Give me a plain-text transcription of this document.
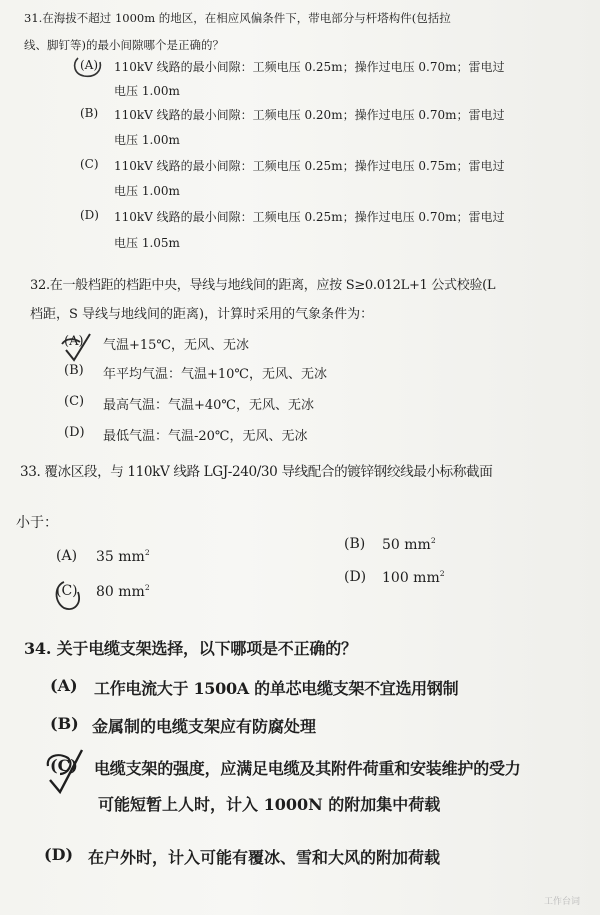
31.在海拔不超过 1000m 的地区，在相应风偏条件下，带电部分与杆塔构件(包括拉
线、脚钉等)的最小间隙哪个是正确的？
(A) 110kV 线路的最小间隙：工频电压 0.25m；操作过电压 0.70m；雷电过
电压 1.00m
(B) 110kV 线路的最小间隙：工频电压 0.20m；操作过电压 0.70m；雷电过
电压 1.00m
(C) 110kV 线路的最小间隙：工频电压 0.25m；操作过电压 0.75m；雷电过
电压 1.00m
(D) 110kV 线路的最小间隙：工频电压 0.25m；操作过电压 0.70m；雷电过
电压 1.05m
32.在一般档距的档距中央，导线与地线间的距离，应按 S≥0.012L+1 公式校验(L
档距，S 导线与地线间的距离)，计算时采用的气象条件为：
(A) 气温+15℃，无风、无冰
(B) 年平均气温：气温+10℃，无风、无冰
(C) 最高气温：气温+40℃，无风、无冰
(D) 最低气温：气温-20℃，无风、无冰
33. 覆冰区段，与 110kV 线路 LGJ-240/30 导线配合的镀锌钢绞线最小标称截面
小于：
(A) 35 $mm^2$
(B) 50 $mm^2$
(C) 80 $mm^2$
(D) 100 $mm^2$
34. 关于电缆支架选择，以下哪项是不正确的？
(A) 工作电流大于 1500A 的单芯电缆支架不宜选用钢制
(B) 金属制的电缆支架应有防腐处理
(C) 电缆支架的强度，应满足电缆及其附件荷重和安装维护的受力
可能短暂上人时，计入 1000N 的附加集中荷载
(D) 在户外时，计入可能有覆冰、雪和大风的附加荷载
工作台词
